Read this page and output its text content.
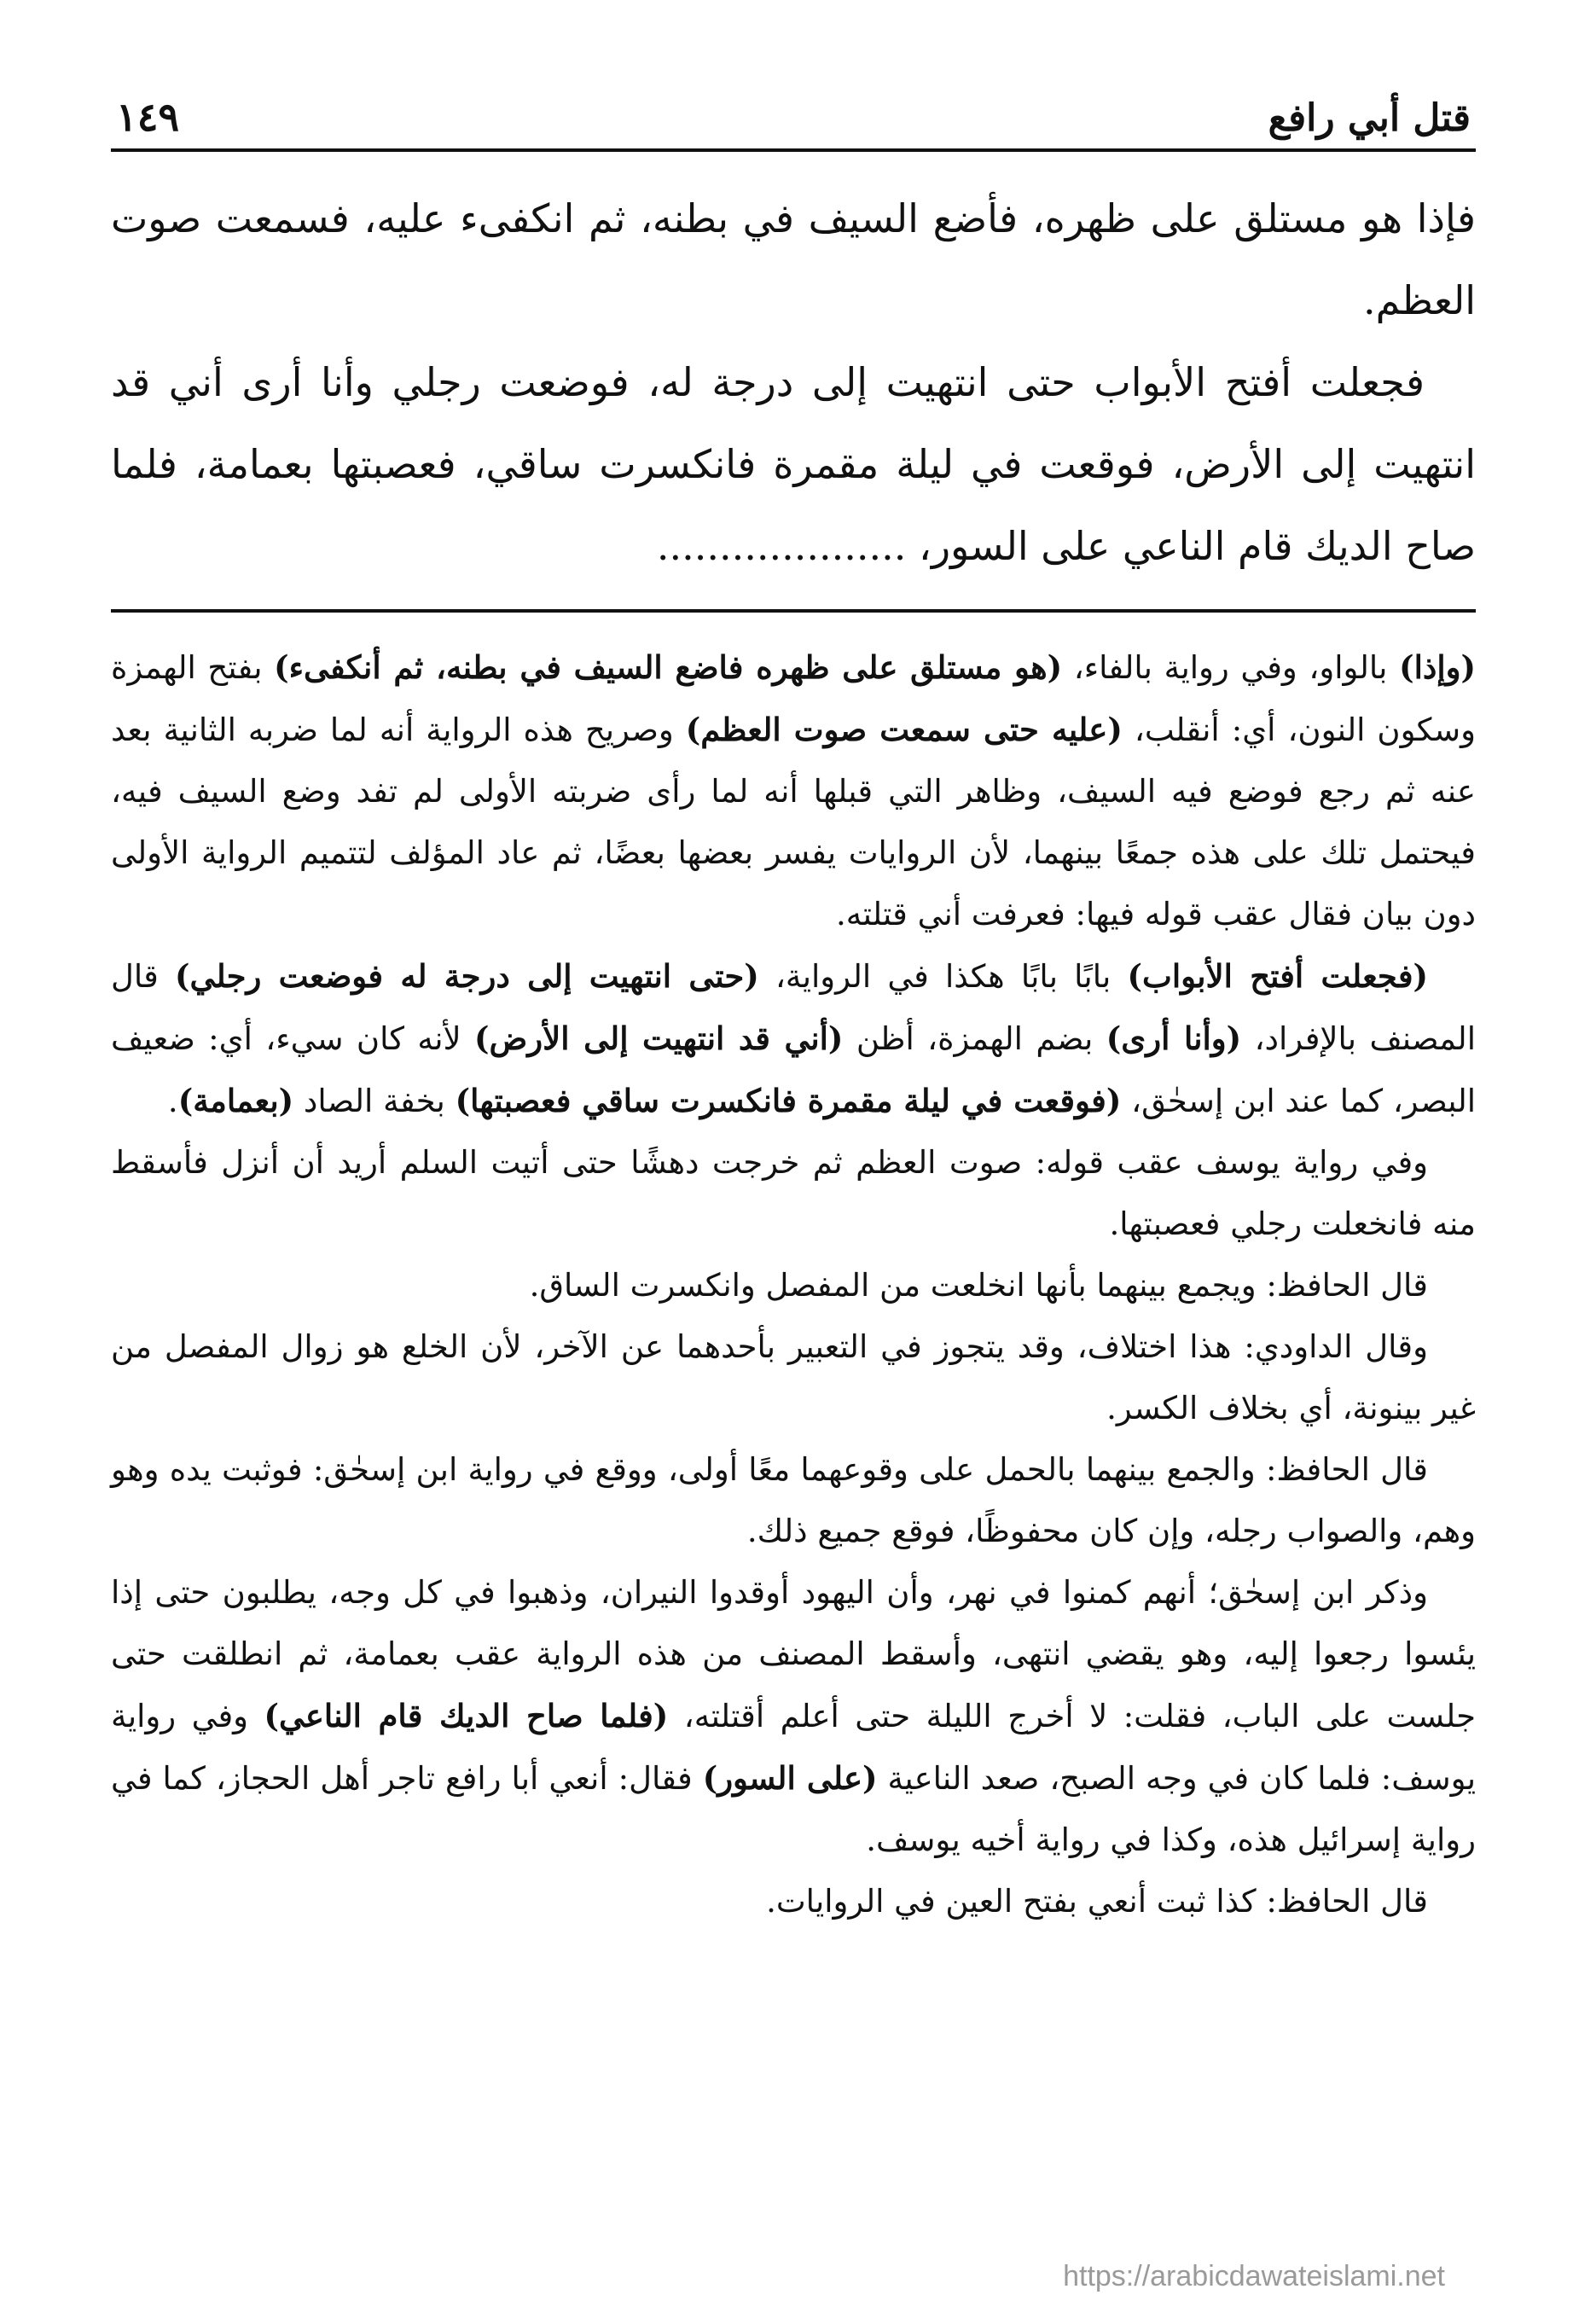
قتل أبي رافع
١٤٩

فإذا هو مستلق على ظهره، فأضع السيف في بطنه، ثم انكفىء عليه، فسمعت صوت العظم.

فجعلت أفتح الأبواب حتى انتهيت إلى درجة له، فوضعت رجلي وأنا أرى أني قد انتهيت إلى الأرض، فوقعت في ليلة مقمرة فانكسرت ساقي، فعصبتها بعمامة، فلما صاح الديك قام الناعي على السور، ....................

(وإذا) بالواو، وفي رواية بالفاء، (هو مستلق على ظهره فاضع السيف في بطنه، ثم أنكفىء) بفتح الهمزة وسكون النون، أي: أنقلب، (عليه حتى سمعت صوت العظم) وصريح هذه الرواية أنه لما ضربه الثانية بعد عنه ثم رجع فوضع فيه السيف، وظاهر التي قبلها أنه لما رأى ضربته الأولى لم تفد وضع السيف فيه، فيحتمل تلك على هذه جمعًا بينهما، لأن الروايات يفسر بعضها بعضًا، ثم عاد المؤلف لتتميم الرواية الأولى دون بيان فقال عقب قوله فيها: فعرفت أني قتلته.

(فجعلت أفتح الأبواب) بابًا بابًا هكذا في الرواية، (حتى انتهيت إلى درجة له فوضعت رجلي) قال المصنف بالإفراد، (وأنا أرى) بضم الهمزة، أظن (أني قد انتهيت إلى الأرض) لأنه كان سيء، أي: ضعيف البصر، كما عند ابن إسحٰق، (فوقعت في ليلة مقمرة فانكسرت ساقي فعصبتها) بخفة الصاد (بعمامة).

وفي رواية يوسف عقب قوله: صوت العظم ثم خرجت دهشًا حتى أتيت السلم أريد أن أنزل فأسقط منه فانخعلت رجلي فعصبتها.

قال الحافظ: ويجمع بينهما بأنها انخلعت من المفصل وانكسرت الساق.

وقال الداودي: هذا اختلاف، وقد يتجوز في التعبير بأحدهما عن الآخر، لأن الخلع هو زوال المفصل من غير بينونة، أي بخلاف الكسر.

قال الحافظ: والجمع بينهما بالحمل على وقوعهما معًا أولى، ووقع في رواية ابن إسحٰق: فوثبت يده وهو وهم، والصواب رجله، وإن كان محفوظًا، فوقع جميع ذلك.

وذكر ابن إسحٰق؛ أنهم كمنوا في نهر، وأن اليهود أوقدوا النيران، وذهبوا في كل وجه، يطلبون حتى إذا يئسوا رجعوا إليه، وهو يقضي انتهى، وأسقط المصنف من هذه الرواية عقب بعمامة، ثم انطلقت حتى جلست على الباب، فقلت: لا أخرج الليلة حتى أعلم أقتلته، (فلما صاح الديك قام الناعي) وفي رواية يوسف: فلما كان في وجه الصبح، صعد الناعية (على السور) فقال: أنعي أبا رافع تاجر أهل الحجاز، كما في رواية إسرائيل هذه، وكذا في رواية أخيه يوسف.

قال الحافظ: كذا ثبت أنعي بفتح العين في الروايات.

https://arabicdawateislami.net
